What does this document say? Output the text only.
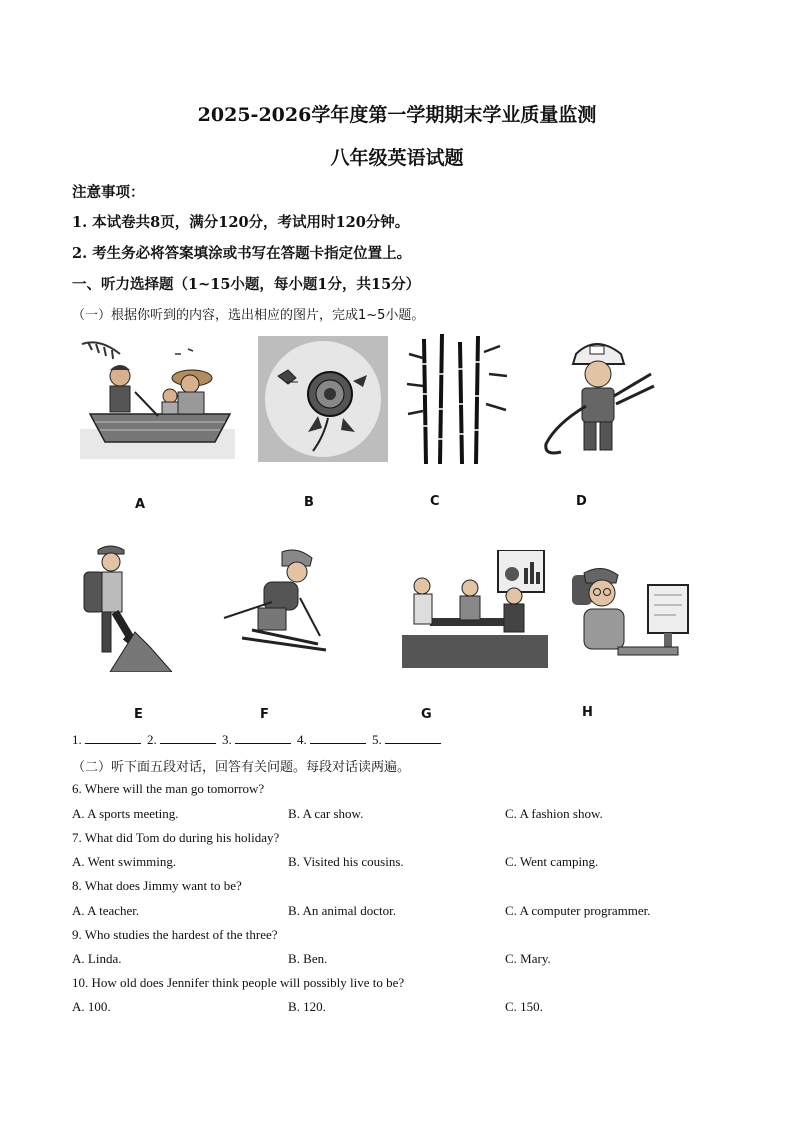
2025-2026学年度第一学期期末学业质量监测
八年级英语试题
注意事项：
1. 本试卷共8页，满分120分，考试用时120分钟。
2. 考生务必将答案填涂或书写在答题卡指定位置上。
一、听力选择题（1~15小题，每小题1分，共15分）
（一）根据你听到的内容，选出相应的图片，完成1~5小题。
A	B	C	D
E	F	G	H
1.	2.	3.	4.	5.
（二）听下面五段对话，回答有关问题。每段对话读两遍。
6. Where will the man go tomorrow?
A. A sports meeting.	B. A car show.	C. A fashion show.
7. What did Tom do during his holiday?
A. Went swimming.	B. Visited his cousins.	C. Went camping.
8. What does Jimmy want to be?
A. A teacher.	B. An animal doctor.	C. A computer programmer.
9. Who studies the hardest of the three?
A. Linda.	B. Ben.	C. Mary.
10. How old does Jennifer think people will possibly live to be?
A. 100.	B. 120.	C. 150.
